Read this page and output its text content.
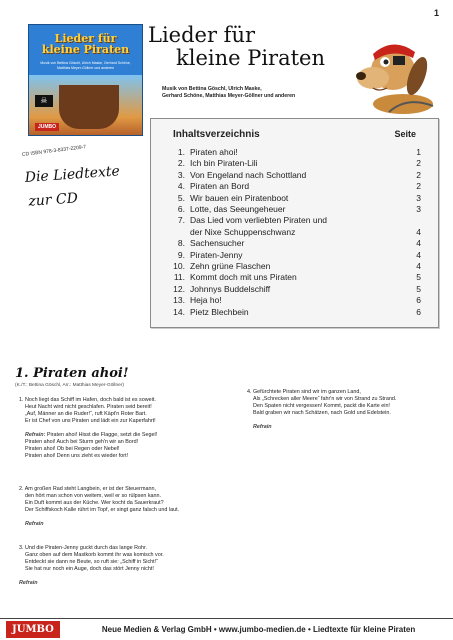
1
Lieder für
kleine Piraten
Musik von Bettina Göschl, Ulrich Maske, Gerhard Schöne, Matthias Meyer-Göllner und anderen
☠
JUMBO
CD ISBN 978-3-8337-2209-7
Die Liedtexte
zur CD
Lieder für
kleine Piraten
Musik von Bettina Göschl, Ulrich Maske,
Gerhard Schöne, Matthias Meyer-Göllner und anderen
Inhaltsverzeichnis	Seite
1. Piraten ahoi!	1
2. Ich bin Piraten-Lili	2
3. Von Engeland nach Schottland	2
4. Piraten an Bord	2
5. Wir bauen ein Piratenboot	3
6. Lotte, das Seeungeheuer	3
7. Das Lied vom verliebten Piraten und
der Nixe Schuppenschwanz	4
8. Sachensucher	4
9. Piraten-Jenny	4
10. Zehn grüne Flaschen	4
11. Kommt doch mit uns Piraten	5
12. Johnnys Buddelschiff	5
13. Heja ho!	6
14. Pietz Blechbein	6
1. Piraten ahoi!
(K./T.: Bettina Göschl, Arr.: Matthias Meyer-Göllner)

1. Noch liegt das Schiff im Hafen, doch bald ist es soweit.

Heut Nacht wird nicht geschlafen. Piraten seid bereit!

„Auf, Männer an die Ruder!“, ruft Käpt'n Roter Bart.

Er ist Chef von uns Piraten und lädt ein zur Kaperfahrt!

Refrain: Piraten ahoi! Hisst die Flagge, setzt die Segel!

Piraten ahoi! Auch bei Sturm geh'n wir an Bord!

Piraten ahoi! Ob bei Regen oder Nebel!

Piraten ahoi! Denn uns zieht es wieder fort!

2. Am großen Rad steht Langbein, er ist der Steuermann,

den hört man schon von weitem, weil er so rülpsen kann.

Ein Duft kommt aus der Küche. Wer kocht da Sauerkraut?

Der Schiffskoch Kalle rührt im Topf, er singt ganz falsch und laut.

Refrain

3. Und die Piraten-Jenny guckt durch das lange Rohr.

Ganz oben auf dem Mastkorb kommt ihr was komisch vor.

Entdeckt sie dann ne Beute, so ruft sie: „Schiff in Sicht!“

Sie hat nur noch ein Auge, doch das stört Jenny nicht!

Refrain

4. Gefürchtete Piraten sind wir im ganzen Land,

Als „Schrecken aller Meere“ fahr'n wir von Strand zu Strand.

Den Spaten nicht vergessen! Kommt, packt die Karte ein!

Bald graben wir nach Schätzen, nach Gold und Edelstein.

Refrain

JUMBO	Neue Medien & Verlag GmbH • www.jumbo-medien.de • Liedtexte für kleine Piraten
